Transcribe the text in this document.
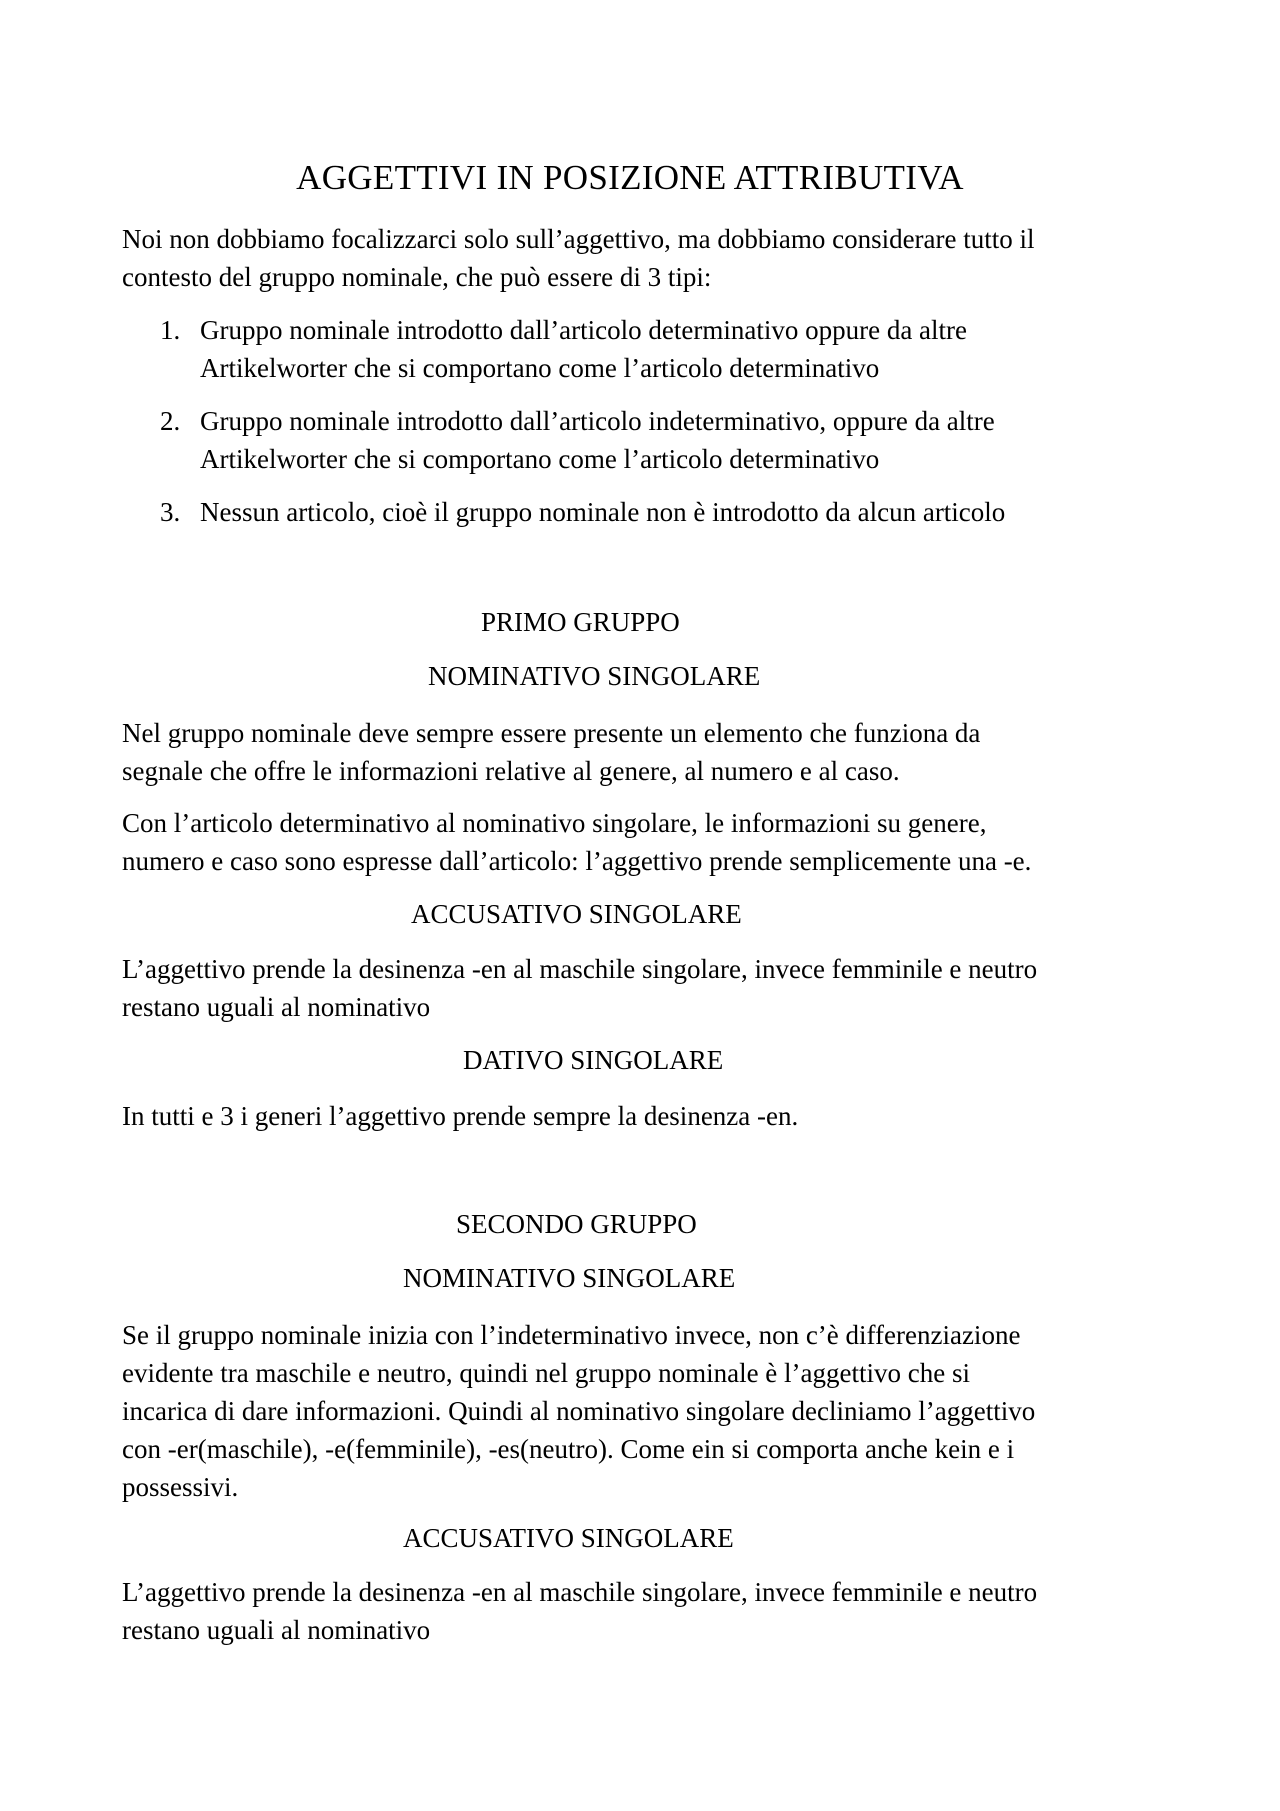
AGGETTIVI IN POSIZIONE ATTRIBUTIVA
Noi non dobbiamo focalizzarci solo sull’aggettivo, ma dobbiamo considerare tutto il
contesto del gruppo nominale, che può essere di 3 tipi:
1. Gruppo nominale introdotto dall’articolo determinativo oppure da altre
Artikelworter che si comportano come l’articolo determinativo
2. Gruppo nominale introdotto dall’articolo indeterminativo, oppure da altre
Artikelworter che si comportano come l’articolo determinativo
3. Nessun articolo, cioè il gruppo nominale non è introdotto da alcun articolo
PRIMO GRUPPO
NOMINATIVO SINGOLARE
Nel gruppo nominale deve sempre essere presente un elemento che funziona da
segnale che offre le informazioni relative al genere, al numero e al caso.
Con l’articolo determinativo al nominativo singolare, le informazioni su genere,
numero e caso sono espresse dall’articolo: l’aggettivo prende semplicemente una -e.
ACCUSATIVO SINGOLARE
L’aggettivo prende la desinenza -en al maschile singolare, invece femminile e neutro
restano uguali al nominativo
DATIVO SINGOLARE
In tutti e 3 i generi l’aggettivo prende sempre la desinenza -en.
SECONDO GRUPPO
NOMINATIVO SINGOLARE
Se il gruppo nominale inizia con l’indeterminativo invece, non c’è differenziazione
evidente tra maschile e neutro, quindi nel gruppo nominale è l’aggettivo che si
incarica di dare informazioni. Quindi al nominativo singolare decliniamo l’aggettivo
con -er(maschile), -e(femminile), -es(neutro). Come ein si comporta anche kein e i
possessivi.
ACCUSATIVO SINGOLARE
L’aggettivo prende la desinenza -en al maschile singolare, invece femminile e neutro
restano uguali al nominativo
